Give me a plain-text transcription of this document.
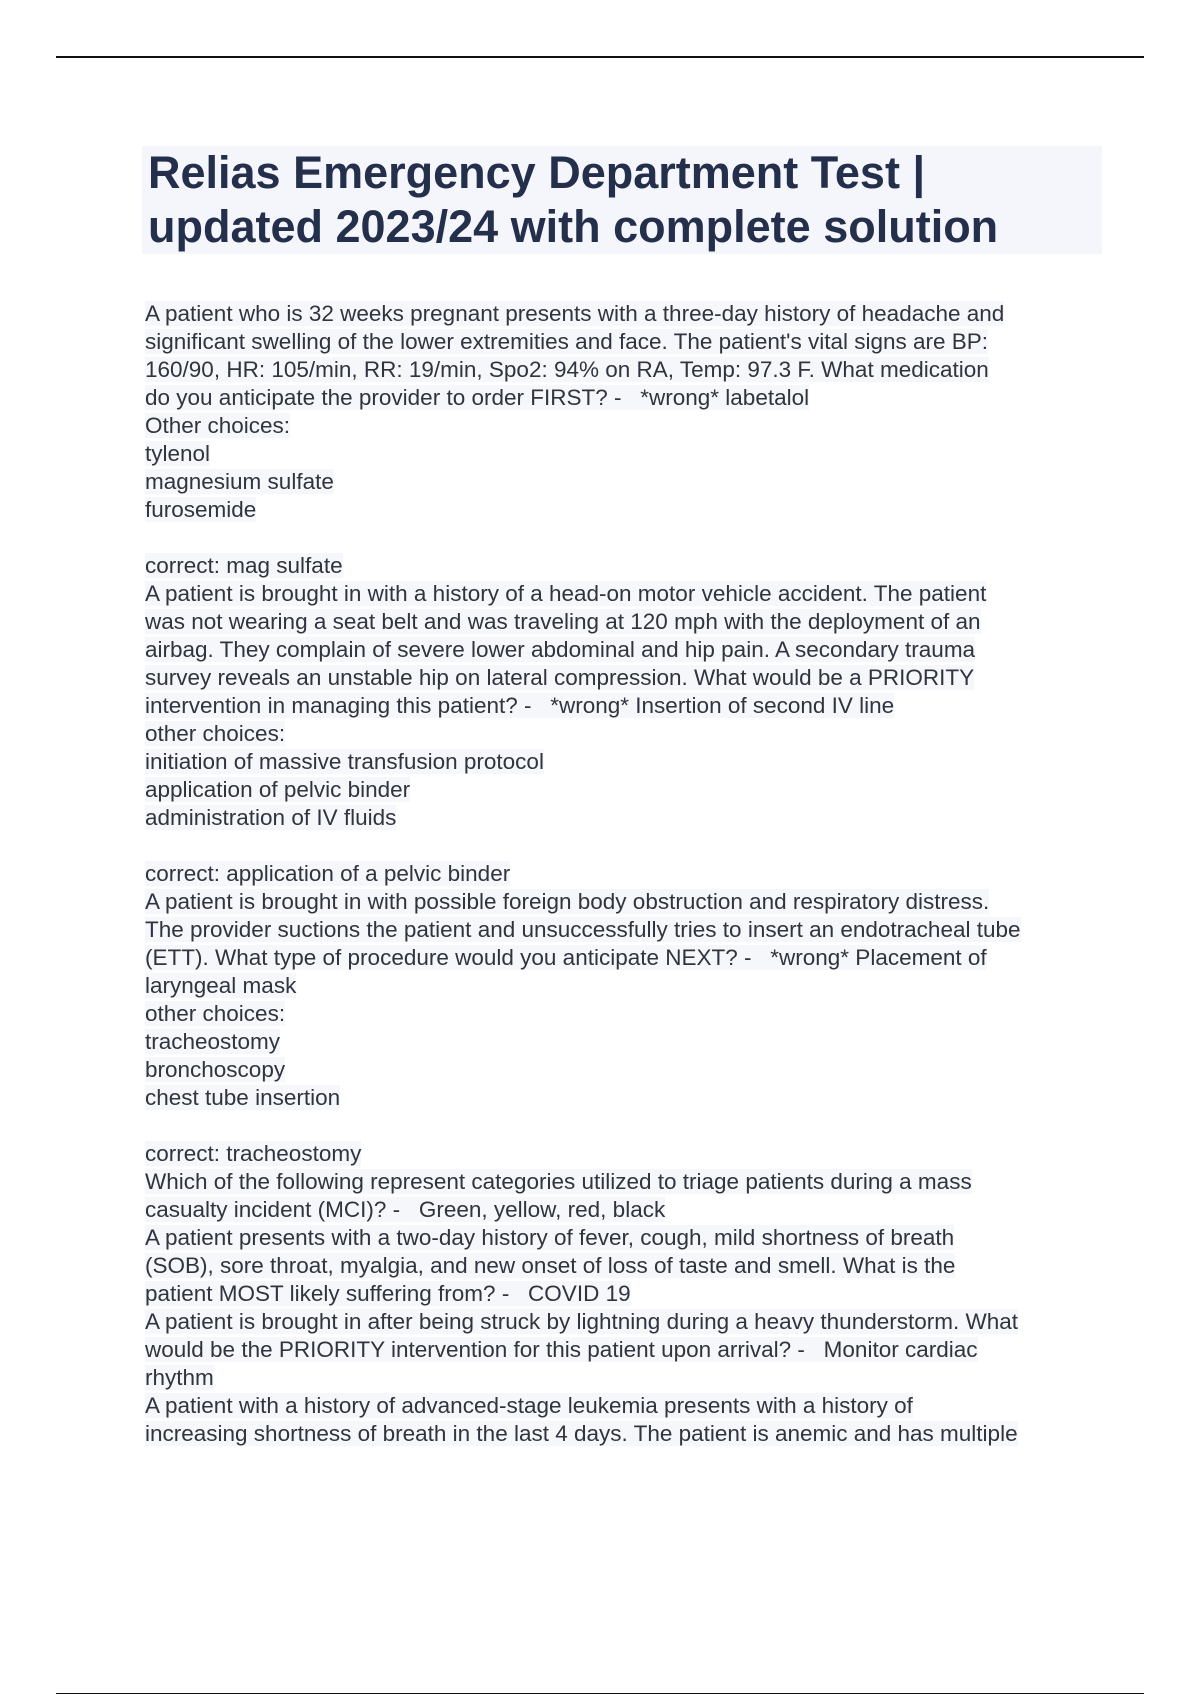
Relias Emergency Department Test |
updated 2023/24 with complete solution
A patient who is 32 weeks pregnant presents with a three-day history of headache and
significant swelling of the lower extremities and face. The patient's vital signs are BP:
160/90, HR: 105/min, RR: 19/min, Spo2: 94% on RA, Temp: 97.3 F. What medication
do you anticipate the provider to order FIRST? -   *wrong* labetalol
Other choices:
tylenol
magnesium sulfate
furosemide
correct: mag sulfate
A patient is brought in with a history of a head-on motor vehicle accident. The patient
was not wearing a seat belt and was traveling at 120 mph with the deployment of an
airbag. They complain of severe lower abdominal and hip pain. A secondary trauma
survey reveals an unstable hip on lateral compression. What would be a PRIORITY
intervention in managing this patient? -   *wrong* Insertion of second IV line
other choices:
initiation of massive transfusion protocol
application of pelvic binder
administration of IV fluids
correct: application of a pelvic binder
A patient is brought in with possible foreign body obstruction and respiratory distress.
The provider suctions the patient and unsuccessfully tries to insert an endotracheal tube
(ETT). What type of procedure would you anticipate NEXT? -   *wrong* Placement of
laryngeal mask
other choices:
tracheostomy
bronchoscopy
chest tube insertion
correct: tracheostomy
Which of the following represent categories utilized to triage patients during a mass
casualty incident (MCI)? -   Green, yellow, red, black
A patient presents with a two-day history of fever, cough, mild shortness of breath
(SOB), sore throat, myalgia, and new onset of loss of taste and smell. What is the
patient MOST likely suffering from? -   COVID 19
A patient is brought in after being struck by lightning during a heavy thunderstorm. What
would be the PRIORITY intervention for this patient upon arrival? -   Monitor cardiac
rhythm
A patient with a history of advanced-stage leukemia presents with a history of
increasing shortness of breath in the last 4 days. The patient is anemic and has multiple
